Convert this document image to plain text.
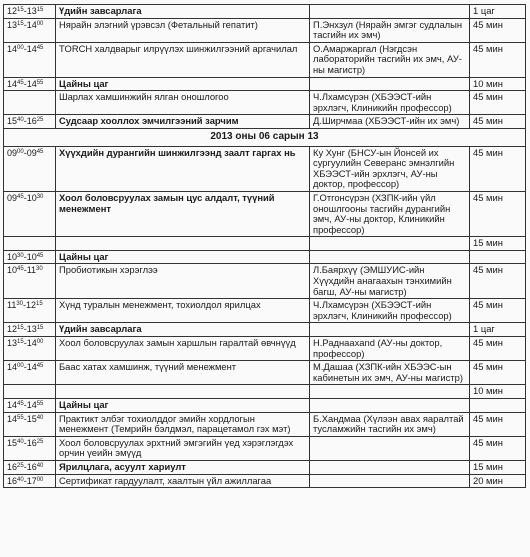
$12^{15}-13^{15}$	Үдийн завсарлага		1 цаг
$13^{15}-14^{00}$	Нярайн элэгний үрэвсэл (Фетальный гепатит)	П.Энхзул (Нярайн эмгэг судлалын тасгийн их эмч)	45 мин
$14^{00}-14^{45}$	TORCH халдварыг илрүүлэх шинжилгээний аргачилал	О.Амаржаргал (Нэгдсэн лабораторийн тасгийн их эмч, АУ-ны магистр)	45 мин
$14^{45}-14^{55}$	Цайны цаг		10 мин
	Шарлах хамшинжийн ялган оношлогоо	Ч.Лхамсүрэн (ХБЭЭСТ-ийн эрхлэгч, Клиникийн профессор)	45 мин
$15^{40}-16^{25}$	Судсаар хооллох эмчилгээний зарчим	Д.Ширчмаа (ХБЭЭСТ-ийн их эмч)	45 мин
2013 оны 06 сарын 13			
$09^{00}-09^{45}$	Хүүхдийн дурангийн шинжилгээнд заалт гаргах нь	Ку Хунг (БНСУ-ын Йонсей их сургуулийн Северанс эмнэлгийн ХБЭЭСТ-ийн эрхлэгч, АУ-ны доктор, профессор)	45 мин
$09^{45}-10^{30}$	Хоол боловсруулах замын цус алдалт, түүний менежмент	Г.Отгонсүрэн (ХЗПК-ийн үйл оношлгооны тасгийн дурангийн эмч, АУ-ны доктор, Клиникийн профессор)	45 мин
			15 мин
$10^{30}-10^{45}$	Цайны цаг		
$10^{45}-11^{30}$	Пробиотикын хэрэглээ	Л.Баярхүү (ЭМШУИС-ийн Хүүхдийн анагаахын тэнхимийн багш, АУ-ны магистр)	45 мин
$11^{30}-12^{15}$	Хүнд туралын менежмент, тохиолдол ярилцах	Ч.Лхамсүрэн (ХБЭЭСТ-ийн эрхлэгч, Клиникийн профессор)	45 мин
$12^{15}-13^{15}$	Үдийн завсарлага		1 цаг
$13^{15}-14^{00}$	Хоол боловсруулах замын харшлын гаралтай өвчнүүд	Н.Раднаахand (АУ-ны доктор, профессор)	45 мин
$14^{00}-14^{45}$	Баас хатах хамшинж, түүний менежмент	М.Дашаа (ХЗПК-ийн ХБЭЭС-ын кабинетын их эмч, АУ-ны магистр)	45 мин
			10 мин
$14^{45}-14^{55}$	Цайны цаг		
$14^{55}-15^{40}$	Практикт элбэг тохиолддог эмийн хордлогын менежмент (Темрийн бэлдмэл, парацетамол гэх мэт)	Б.Хандмаа (Хүлээн авах яаралтай тусламжийн тасгийн их эмч)	45 мин
$15^{40}-16^{25}$	Хоол боловсруулах эрхтний эмгэгийн үед хэрэглэгдэх орчин үеийн эмүүд		45 мин
$16^{25}-16^{40}$	Ярилцлага, асуулт хариулт		15 мин
$16^{40}-17^{00}$	Сертификат гардуулалт, хаалтын үйл ажиллагаа		20 мин
